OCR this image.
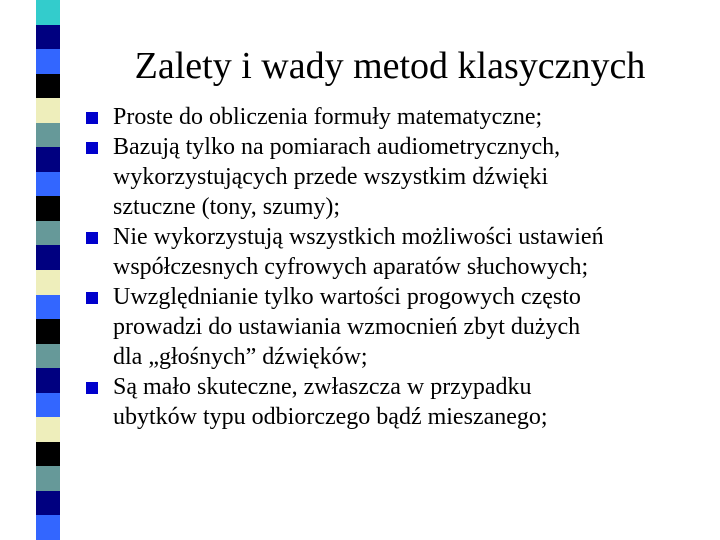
Zalety i wady metod klasycznych
Proste do obliczenia formuły matematyczne;
Bazują tylko na pomiarach audiometrycznych,
wykorzystujących przede wszystkim dźwięki
sztuczne (tony, szumy);
Nie wykorzystują wszystkich możliwości ustawień
współczesnych cyfrowych aparatów słuchowych;
Uwzględnianie tylko wartości progowych często
prowadzi do ustawiania wzmocnień zbyt dużych
dla „głośnych” dźwięków;
Są mało skuteczne, zwłaszcza w przypadku
ubytków typu odbiorczego bądź mieszanego;
